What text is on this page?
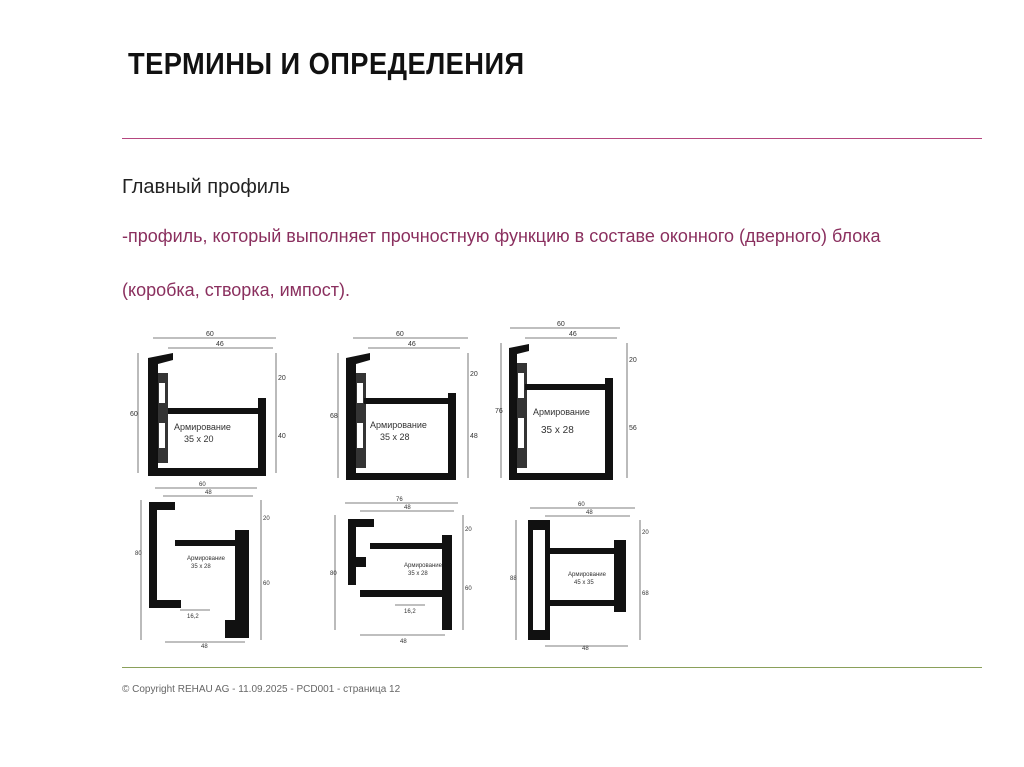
ТЕРМИНЫ И ОПРЕДЕЛЕНИЯ
Главный профиль
-профиль, который выполняет прочностную функцию в составе оконного (дверного) блока
(коробка, створка, импост).
60
46
60
20
40
Армирование
35 x 20
60
46
68
20
48
Армирование
35 x 28
60
46
76
20
56
Армирование
35 x 28
60
48
80
20
60
16,2
48
Армирование
35 x 28
76
48
80
20
60
16,2
48
Армирование
35 x 28
60
48
88
20
68
48
Армирование
45 x 35
© Copyright REHAU AG - 11.09.2025 - PCD001 - страница 12
